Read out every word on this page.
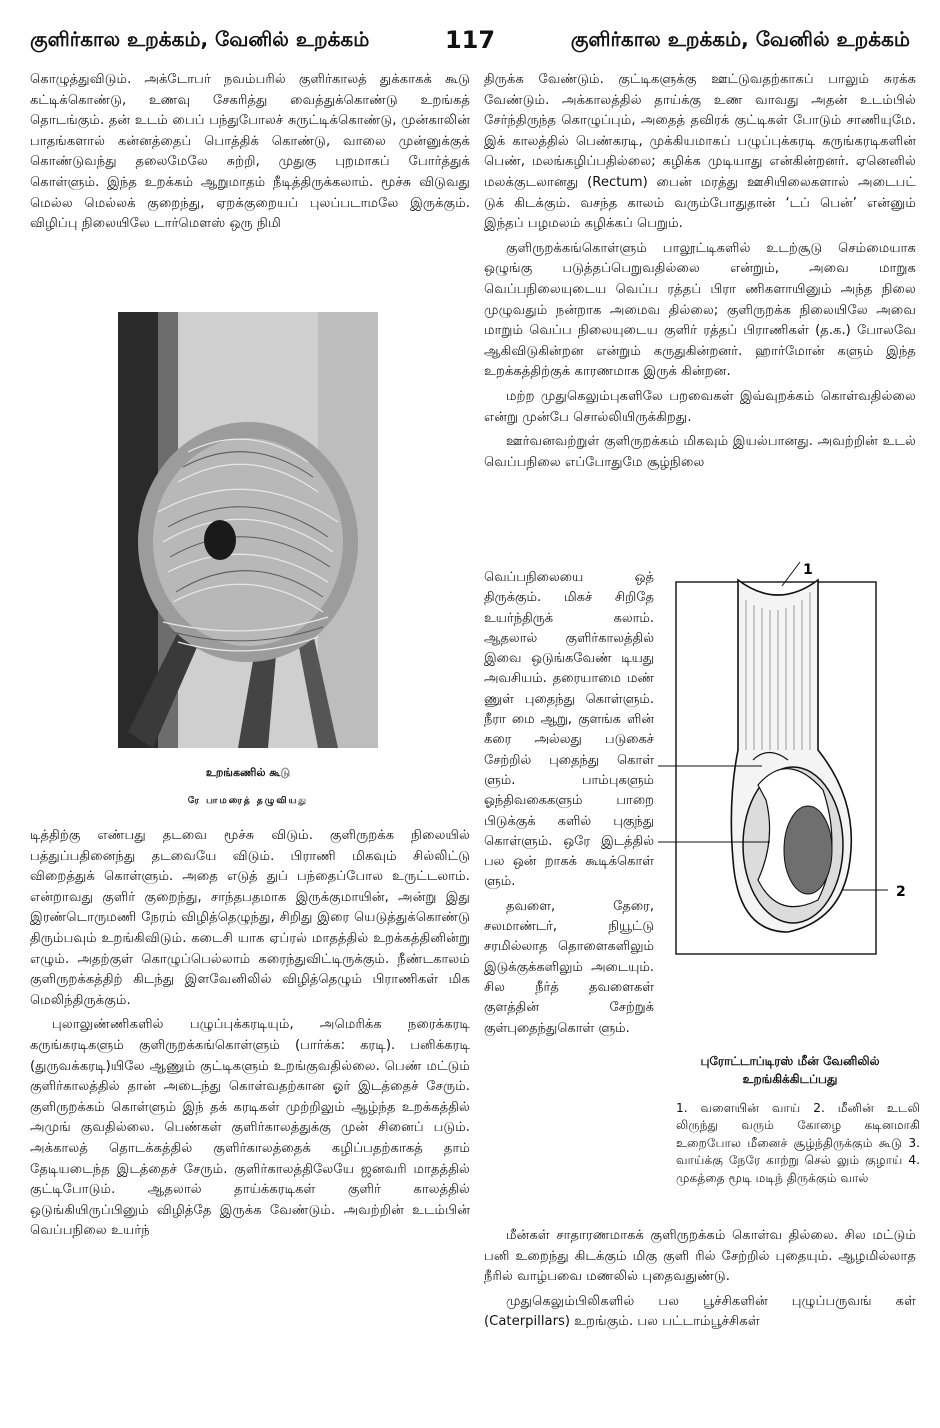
குளிர்கால உறக்கம், வேனில் உறக்கம்	117	குளிர்கால உறக்கம், வேனில் உறக்கம்

கொழுத்துவிடும். அக்டோபர் நவம்பரில் குளிர்காலத் துக்காகக் கூடு கட்டிக்கொண்டு, உணவு சேகரித்து வைத்துக்கொண்டு உறங்கத் தொடங்கும். தன் உடம் பைப் பந்துபோலச் சுருட்டிக்கொண்டு, முன்காலின் பாதங்களால் கன்னத்தைப் பொத்திக் கொண்டு, வாலை முன்னுக்குக் கொண்டுவந்து தலைமேலே சுற்றி, முதுகு புறமாகப் போர்த்துக் கொள்ளும். இந்த உறக்கம் ஆறுமாதம் நீடித்திருக்கலாம். மூச்சு விடுவது மெல்ல மெல்லக் குறைந்து, ஏறக்குறையப் புலப்படாமலே இருக்கும். விழிப்பு நிலையிலே டார்மௌஸ் ஒரு நிமி

உறங்கணில் கூடு
ரே பாமரைத் தழுவியது

டித்திற்கு எண்பது தடவை மூச்சு விடும். குளிருறக்க நிலையில் பத்துப்பதினைந்து தடவையே விடும். பிராணி மிகவும் சில்லிட்டு விறைத்துக் கொள்ளும். அதை எடுத் துப் பந்தைப்போல உருட்டலாம். என்றாவது குளிர் குறைந்து, சாந்தபதமாக இருக்குமாயின், அன்று இது இரண்டொருமணி நேரம் விழித்தெழுந்து, சிறிது இரை யெடுத்துக்கொண்டு திரும்பவும் உறங்கிவிடும். கடைசி யாக ஏப்ரல் மாதத்தில் உறக்கத்தினின்று எழும். அதற்குள் கொழுப்பெல்லாம் கரைந்துவிட்டிருக்கும். நீண்டகாலம் குளிருறக்கத்திற் கிடந்து இளவேனிலில் விழித்தெழும் பிராணிகள் மிக மெலிந்திருக்கும்.

புலாலுண்ணிகளில் பழுப்புக்கரடியும், அமெரிக்க நரைக்கரடி கருங்கரடிகளும் குளிருறக்கங்கொள்ளும் (பார்க்க: கரடி). பனிக்கரடி (துருவக்கரடி)யிலே ஆணும் குட்டிகளும் உறங்குவதில்லை. பெண் மட்டும் குளிர்காலத்தில் தான் அடைந்து கொள்வதற்கான ஓர் இடத்தைச் சேரும். குளிருறக்கம் கொள்ளும் இந் தக் கரடிகள் முற்றிலும் ஆழ்ந்த உறக்கத்தில் அமுங் குவதில்லை. பெண்கள் குளிர்காலத்துக்கு முன் சினைப் படும். அக்காலத் தொடக்கத்தில் குளிர்காலத்தைக் கழிப்பதற்காகத் தாம் தேடியடைந்த இடத்தைச் சேரும். குளிர்காலத்திலேயே ஜனவரி மாதத்தில் குட்டிபோடும். ஆதலால் தாய்க்கரடிகள் குளிர் காலத்தில் ஒடுங்கியிருப்பினும் விழித்தே இருக்க வேண்டும். அவற்றின் உடம்பின் வெப்பநிலை உயர்ந்

திருக்க வேண்டும். குட்டிகளுக்கு ஊட்டுவதற்காகப் பாலும் சுரக்க வேண்டும். அக்காலத்தில் தாய்க்கு உண வாவது அதன் உடம்பில் சேர்ந்திருந்த கொழுப்பும், அதைத் தவிரக் குட்டிகள் போடும் சாணியுமே. இக் காலத்தில் பெண்கரடி, முக்கியமாகப் பழுப்புக்கரடி கருங்கரடிகளின் பெண், மலங்கழிப்பதில்லை; கழிக்க முடியாது என்கின்றனர். ஏனெனில் மலக்குடலானது (Rectum) பைன் மரத்து ஊசியிலைகளால் அடைபட் டுக் கிடக்கும். வசந்த காலம் வரும்போதுதான் ‘டப் பென்’ என்னும் இந்தப் பழமலம் கழிக்கப் பெறும்.

குளிருறக்கங்கொள்ளும் பாலூட்டிகளில் உடற்சூடு செம்மையாக ஒழுங்கு படுத்தப்பெறுவதில்லை என்றும், அவை மாறுக வெப்பநிலையுடைய வெப்ப ரத்தப் பிரா ணிகளாயினும் அந்த நிலை முழுவதும் நன்றாக அமைவ தில்லை; குளிருறக்க நிலையிலே அவை மாறும் வெப்ப நிலையுடைய குளிர் ரத்தப் பிராணிகள் (த.க.) போலவே ஆகிவிடுகின்றன என்றும் கருதுகின்றனர். ஹார்மோன் களும் இந்த உறக்கத்திற்குக் காரணமாக இருக் கின்றன.

மற்ற முதுகெலும்புகளிலே பறவைகள் இவ்வுறக்கம் கொள்வதில்லை என்று முன்பே சொல்லியிருக்கிறது.

ஊர்வனவற்றுள் குளிருறக்கம் மிகவும் இயல்பானது. அவற்றின் உடல் வெப்பநிலை எப்போதுமே சூழ்நிலை

வெப்பநிலையை ஒத் திருக்கும். மிகச் சிறிதே உயர்ந்திருக் கலாம். ஆதலால் குளிர்காலத்தில் இவை ஒடுங்கவேண் டியது அவசியம். தரையாமை மண் ணுள் புதைந்து கொள்ளும். நீரா மை ஆறு, குளங்க ளின் கரை அல்லது படுகைச் சேற்றில் புதைந்து கொள் ளும். பாம்புகளும் ஓந்திவகைகளும் பாறை பிடுக்குக் களில் புகுந்து கொள்ளும். ஒரே இடத்தில் பல ஒன் றாகக் கூடிக்கொள் ளும்.

தவளை, தேரை, சலமாண்டர், நியூட்டு சரமில்லாத தொளைகளிலும் இடுக்குக்களிலும் அடையும். சில நீர்த் தவளைகள் குளத்தின் சேற்றுக் குள்புதைந்துகொள் ளும்.

1
2
புரோட்டாப்டிரஸ் மீன் வேனிலில் உறங்கிக்கிடப்பது
1. வளையின் வாய் 2. மீனின் உடலி லிருந்து வரும் கோழை கடினமாகி உறைபோல மீனைச் சூழ்ந்திருக்கும் கூடு 3. வாய்க்கு நேரே காற்று செல் லும் குழாய் 4. முகத்தை மூடி மடிந் திருக்கும் வால்

மீன்கள் சாதாரணமாகக் குளிருறக்கம் கொள்வ தில்லை. சில மட்டும் பனி உறைந்து கிடக்கும் மிகு குளி ரில் சேற்றில் புதையும். ஆழமில்லாத நீரில் வாழ்பவை மணலில் புதைவதுண்டு.

முதுகெலும்பிலிகளில் பல பூச்சிகளின் புழுப்பருவங் கள் (Caterpillars) உறங்கும். பல பட்டாம்பூச்சிகள்
